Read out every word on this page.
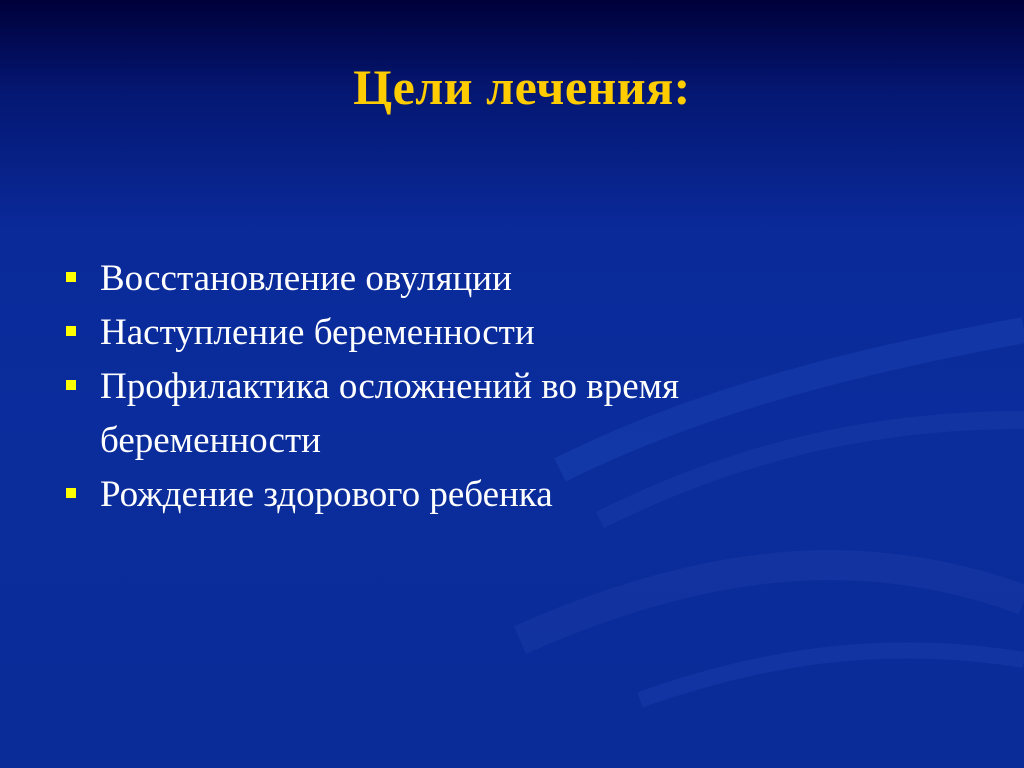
Цели лечения:
Восстановление овуляции
Наступление беременности
Профилактика осложнений во время беременности
Рождение здорового ребенка
